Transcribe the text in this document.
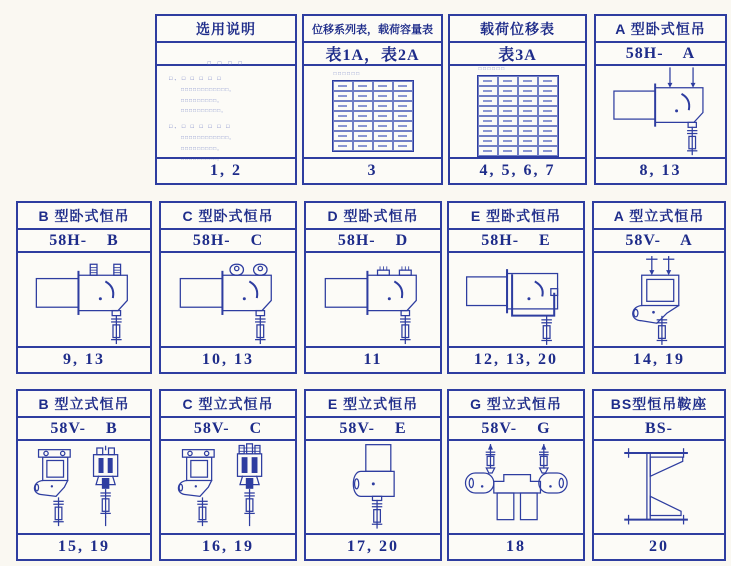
选用说明
□ □ □ □
□、□ □ □ □ □
□□□□□□□□□□□□。
□□□□□□□□□。
□□□□□□□□□□。
□、□ □ □ □ □ □
□□□□□□□□□□□□。
□□□□□□□□□。
□□□□□□□□□。
1, 2
位移系列表，载荷容量表
表1A，表2A
□□□□□□
3
载荷位移表
表3A
□□□□□□
4, 5, 6, 7
A 型卧式恒吊
58H-    A
8, 13
B 型卧式恒吊
58H-    B
9, 13
C 型卧式恒吊
58H-    C
10, 13
D 型卧式恒吊
58H-    D
11
E 型卧式恒吊
58H-    E
12, 13, 20
A 型立式恒吊
58V-    A
14, 19
B 型立式恒吊
58V-    B
15, 19
C 型立式恒吊
58V-    C
16, 19
E 型立式恒吊
58V-    E
17, 20
G 型立式恒吊
58V-    G
18
BS型恒吊鞍座
BS-
20
